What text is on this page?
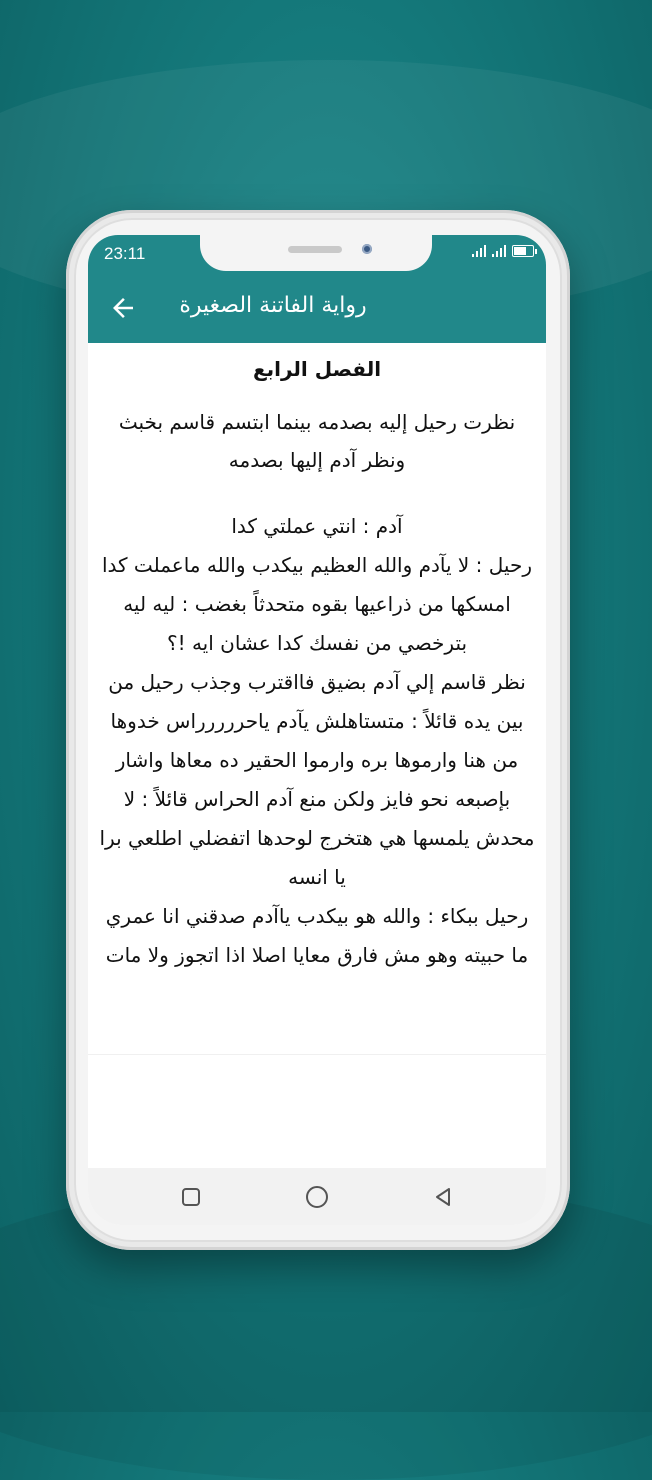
23:11
رواية الفاتنة الصغيرة
الفصل الرابع
نظرت رحيل إليه بصدمه بينما ابتسم قاسم بخبث ونظر آدم إليها بصدمه
آدم : انتي عملتي كدا
رحيل : لا يآدم والله العظيم بيكدب والله ماعملت كدا
امسكها من ذراعيها بقوه متحدثاً بغضب : ليه ليه بترخصي من نفسك كدا عشان ايه !؟
نظر قاسم إلي آدم بضيق فااقترب وجذب رحيل من بين يده قائلاً : متستاهلش يآدم ياحررررراس خدوها من هنا وارموها بره وارموا الحقير ده معاها واشار بإصبعه نحو فايز ولكن منع آدم الحراس قائلاً : لا محدش يلمسها هي هتخرج لوحدها اتفضلي اطلعي برا يا انسه
رحيل ببكاء : والله هو بيكدب ياآدم صدقني انا عمري ما حبيته وهو مش فارق معايا اصلا اذا اتجوز ولا مات
